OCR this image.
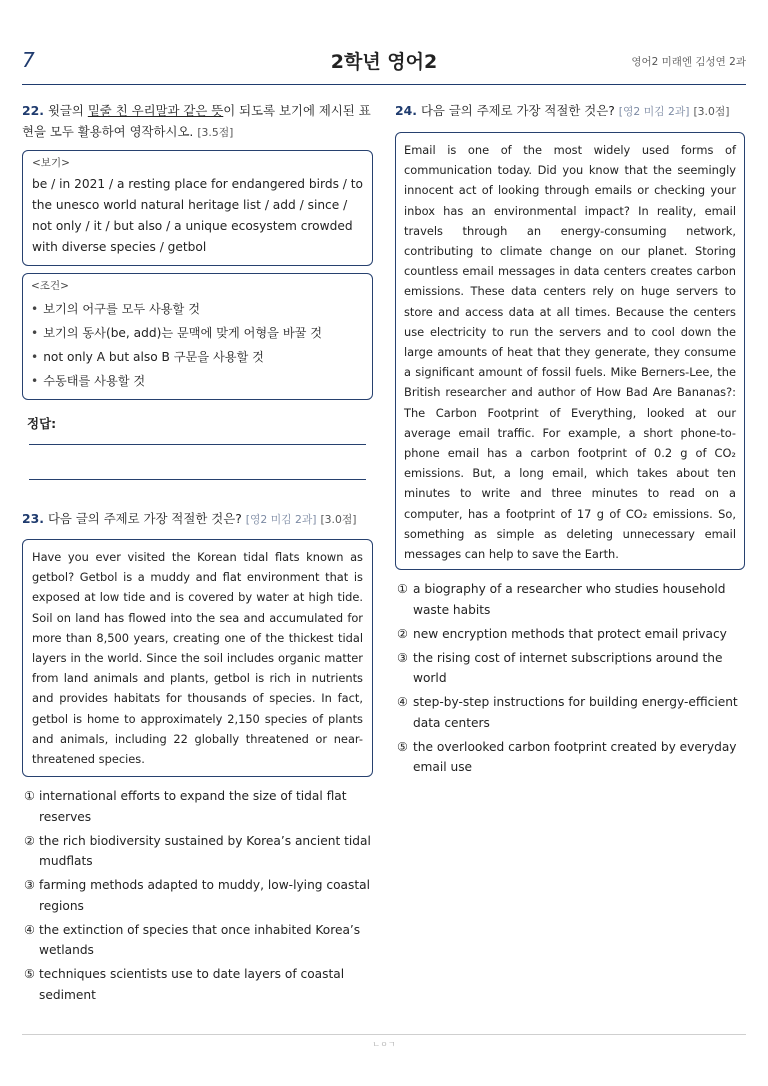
7	2학년 영어2	영어2 미래엔 김성연 2과
22. 윗글의 밑줄 친 우리말과 같은 뜻이 되도록 보기에 제시된 표현을 모두 활용하여 영작하시오. [3.5점]
<보기>
be / in 2021 / a resting place for endangered birds / to the unesco world natural heritage list / add / since / not only / it / but also / a unique ecosystem crowded with diverse species / getbol
<조건>
• 보기의 어구를 모두 사용할 것
• 보기의 동사(be, add)는 문맥에 맞게 어형을 바꿀 것
• not only A but also B 구문을 사용할 것
• 수동태를 사용할 것
정답:
23. 다음 글의 주제로 가장 적절한 것은? [영2 미김 2과] [3.0점]
Have you ever visited the Korean tidal flats known as getbol? Getbol is a muddy and flat environment that is exposed at low tide and is covered by water at high tide. Soil on land has flowed into the sea and accumulated for more than 8,500 years, creating one of the thickest tidal layers in the world. Since the soil includes organic matter from land animals and plants, getbol is rich in nutrients and provides habitats for thousands of species. In fact, getbol is home to approximately 2,150 species of plants and animals, including 22 globally threatened or near-threatened species.
① international efforts to expand the size of tidal flat reserves
② the rich biodiversity sustained by Korea’s ancient tidal mudflats
③ farming methods adapted to muddy, low-lying coastal regions
④ the extinction of species that once inhabited Korea’s wetlands
⑤ techniques scientists use to date layers of coastal sediment
24. 다음 글의 주제로 가장 적절한 것은? [영2 미김 2과] [3.0점]
Email is one of the most widely used forms of communication today. Did you know that the seemingly innocent act of looking through emails or checking your inbox has an environmental impact? In reality, email travels through an energy-consuming network, contributing to climate change on our planet. Storing countless email messages in data centers creates carbon emissions. These data centers rely on huge servers to store and access data at all times. Because the centers use electricity to run the servers and to cool down the large amounts of heat that they generate, they consume a significant amount of fossil fuels. Mike Berners-Lee, the British researcher and author of How Bad Are Bananas?: The Carbon Footprint of Everything, looked at our average email traffic. For example, a short phone-to-phone email has a carbon footprint of 0.2 g of CO₂ emissions. But, a long email, which takes about ten minutes to write and three minutes to read on a computer, has a footprint of 17 g of CO₂ emissions. So, something as simple as deleting unnecessary email messages can help to save the Earth.
① a biography of a researcher who studies household waste habits
② new encryption methods that protect email privacy
③ the rising cost of internet subscriptions around the world
④ step-by-step instructions for building energy-efficient data centers
⑤ the overlooked carbon footprint created by everyday email use
ㄴㅇㄱ
